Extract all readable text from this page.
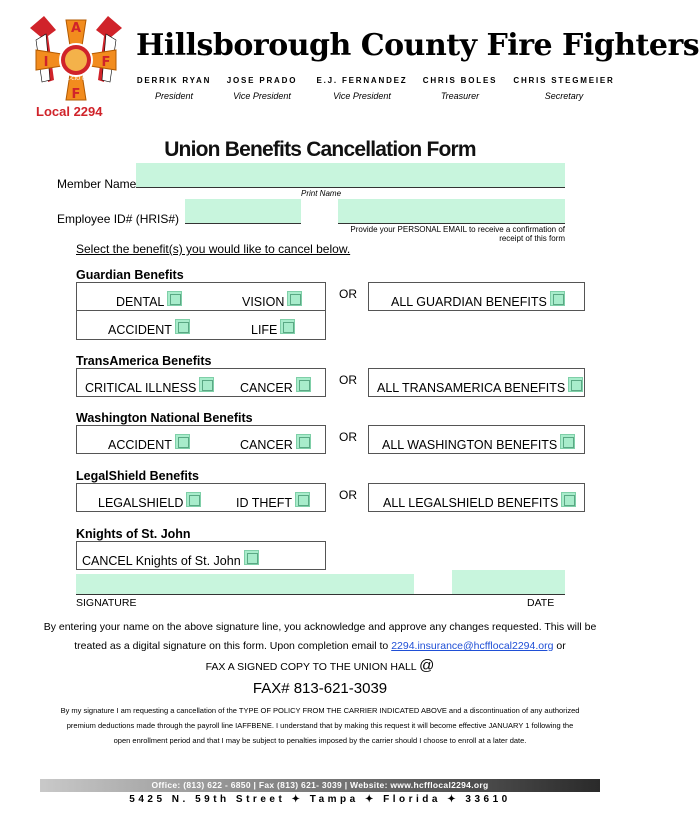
A
I	F
F
AFL-CIO CLC
Local 2294
Hillsborough County Fire Fighters
DERRIK RYAN
President
JOSE PRADO
Vice President
E.J. FERNANDEZ
Vice President
CHRIS BOLES
Treasurer
CHRIS STEGMEIER
Secretary
Union Benefits Cancellation Form
Member Name
Print Name
Employee ID# (HRIS#)
Provide your PERSONAL EMAIL to receive a confirmation of
receipt of this form
Select the benefit(s) you would like to cancel below.
Guardian Benefits
DENTAL	VISION
ACCIDENT	LIFE
OR
ALL GUARDIAN BENEFITS
TransAmerica Benefits
CRITICAL ILLNESS	CANCER
OR
ALL TRANSAMERICA BENEFITS
Washington National Benefits
ACCIDENT	CANCER
OR
ALL WASHINGTON BENEFITS
LegalShield Benefits
LEGALSHIELD	ID THEFT
OR
ALL LEGALSHIELD BENEFITS
Knights of St. John
CANCEL Knights of St. John
SIGNATURE	DATE
By entering your name on the above signature line, you acknowledge and approve any changes requested. This will be
treated as a digital signature on this form. Upon completion email to 2294.insurance@hcfflocal2294.org or
FAX A SIGNED COPY TO THE UNION HALL @
FAX# 813-621-3039
By my signature I am requesting a cancellation of the TYPE OF POLICY FROM THE CARRIER INDICATED ABOVE and a discontinuation of any authorized
premium deductions made through the payroll line IAFFBENE. I understand that by making this request it will become effective JANUARY 1 following the
open enrollment period and that I may be subject to penalties imposed by the carrier should I choose to enroll at a later date.
Office: (813) 622 - 6850 | Fax (813) 621- 3039 | Website: www.hcfflocal2294.org
5425 N. 59th Street ✦ Tampa ✦ Florida ✦ 33610
